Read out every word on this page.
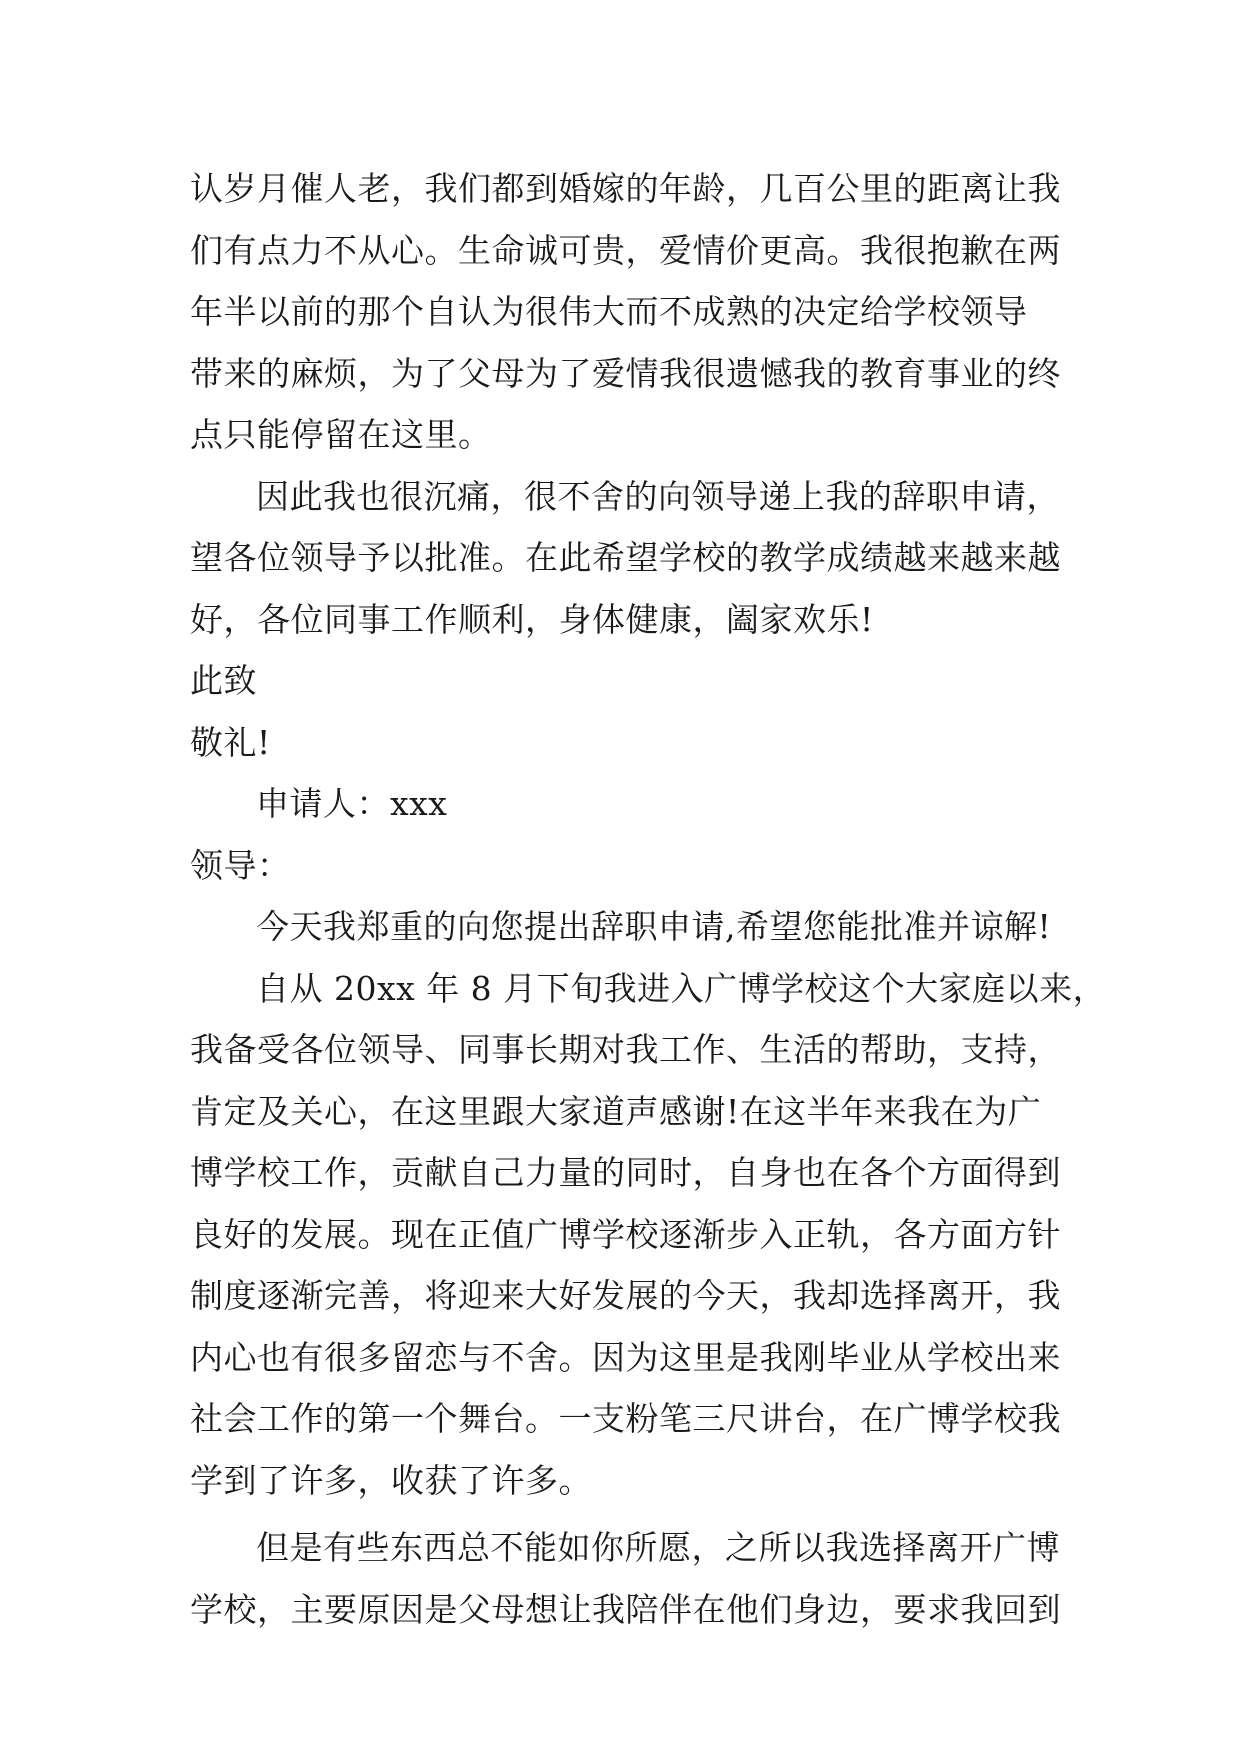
认岁月催人老，我们都到婚嫁的年龄，几百公里的距离让我
们有点力不从心。生命诚可贵，爱情价更高。我很抱歉在两
年半以前的那个自认为很伟大而不成熟的决定给学校领导
带来的麻烦，为了父母为了爱情我很遗憾我的教育事业的终
点只能停留在这里。
因此我也很沉痛，很不舍的向领导递上我的辞职申请，
望各位领导予以批准。在此希望学校的教学成绩越来越来越
好，各位同事工作顺利，身体健康，阖家欢乐!
此致
敬礼!
申请人：xxx
领导：
今天我郑重的向您提出辞职申请,希望您能批准并谅解!
自从 20xx 年 8 月下旬我进入广博学校这个大家庭以来，
我备受各位领导、同事长期对我工作、生活的帮助，支持，
肯定及关心，在这里跟大家道声感谢!在这半年来我在为广
博学校工作，贡献自己力量的同时，自身也在各个方面得到
良好的发展。现在正值广博学校逐渐步入正轨，各方面方针
制度逐渐完善，将迎来大好发展的今天，我却选择离开，我
内心也有很多留恋与不舍。因为这里是我刚毕业从学校出来
社会工作的第一个舞台。一支粉笔三尺讲台，在广博学校我
学到了许多，收获了许多。
但是有些东西总不能如你所愿，之所以我选择离开广博
学校，主要原因是父母想让我陪伴在他们身边，要求我回到
